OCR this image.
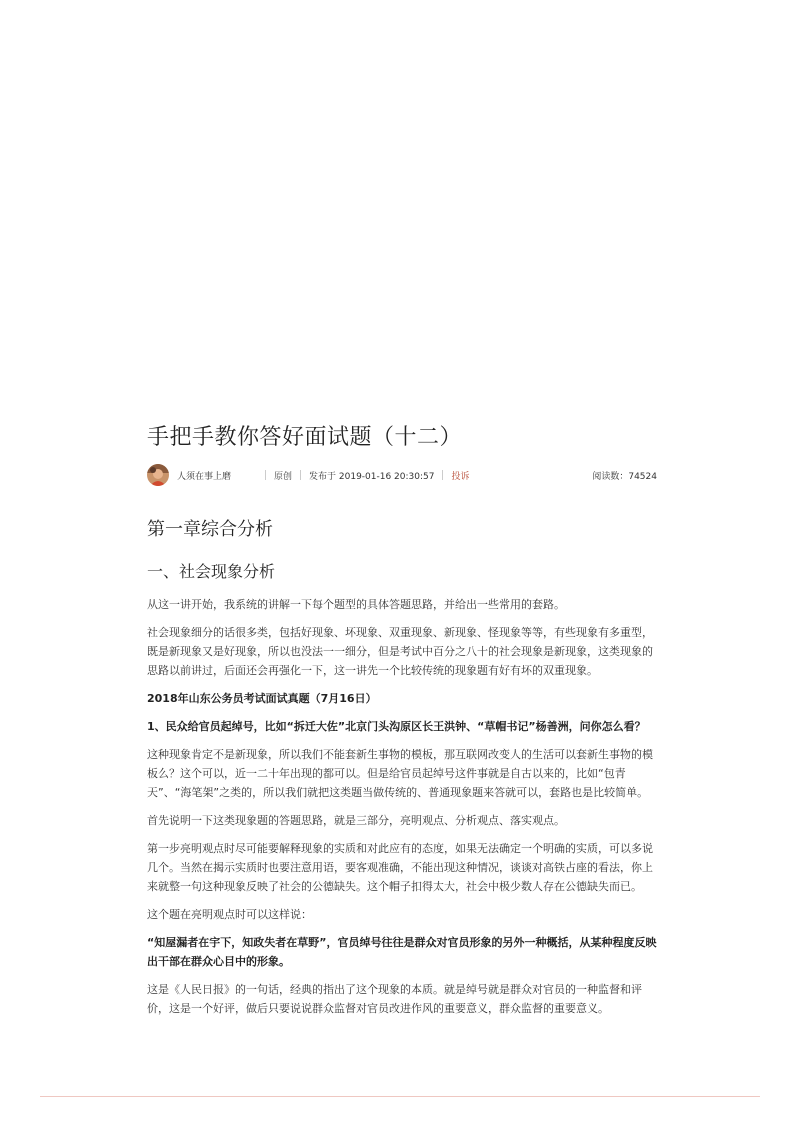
手把手教你答好面试题（十二）
人须在事上磨	原创 发布于 2019-01-16 20:30:57 投诉	阅读数：74524
第一章综合分析
一、社会现象分析

从这一讲开始，我系统的讲解一下每个题型的具体答题思路，并给出一些常用的套路。

社会现象细分的话很多类，包括好现象、坏现象、双重现象、新现象、怪现象等等，有些现象有多重型，既是新现象又是好现象，所以也没法一一细分，但是考试中百分之八十的社会现象是新现象，这类现象的思路以前讲过，后面还会再强化一下，这一讲先一个比较传统的现象题有好有坏的双重现象。

2018年山东公务员考试面试真题（7月16日）

1、民众给官员起绰号，比如“拆迁大佐”北京门头沟原区长王洪钟、“草帽书记”杨善洲，问你怎么看？

这种现象肯定不是新现象，所以我们不能套新生事物的模板，那互联网改变人的生活可以套新生事物的模板么？这个可以，近一二十年出现的都可以。但是给官员起绰号这件事就是自古以来的，比如“包青天”、“海笔架”之类的，所以我们就把这类题当做传统的、普通现象题来答就可以，套路也是比较简单。

首先说明一下这类现象题的答题思路，就是三部分，亮明观点、分析观点、落实观点。

第一步亮明观点时尽可能要解释现象的实质和对此应有的态度，如果无法确定一个明确的实质，可以多说几个。当然在揭示实质时也要注意用语，要客观准确，不能出现这种情况，谈谈对高铁占座的看法，你上来就整一句这种现象反映了社会的公德缺失。这个帽子扣得太大，社会中极少数人存在公德缺失而已。

这个题在亮明观点时可以这样说：

“知屋漏者在宇下，知政失者在草野”，官员绰号往往是群众对官员形象的另外一种概括，从某种程度反映出干部在群众心目中的形象。

这是《人民日报》的一句话，经典的指出了这个现象的本质。就是绰号就是群众对官员的一种监督和评价，这是一个好评，做后只要说说群众监督对官员改进作风的重要意义，群众监督的重要意义。
